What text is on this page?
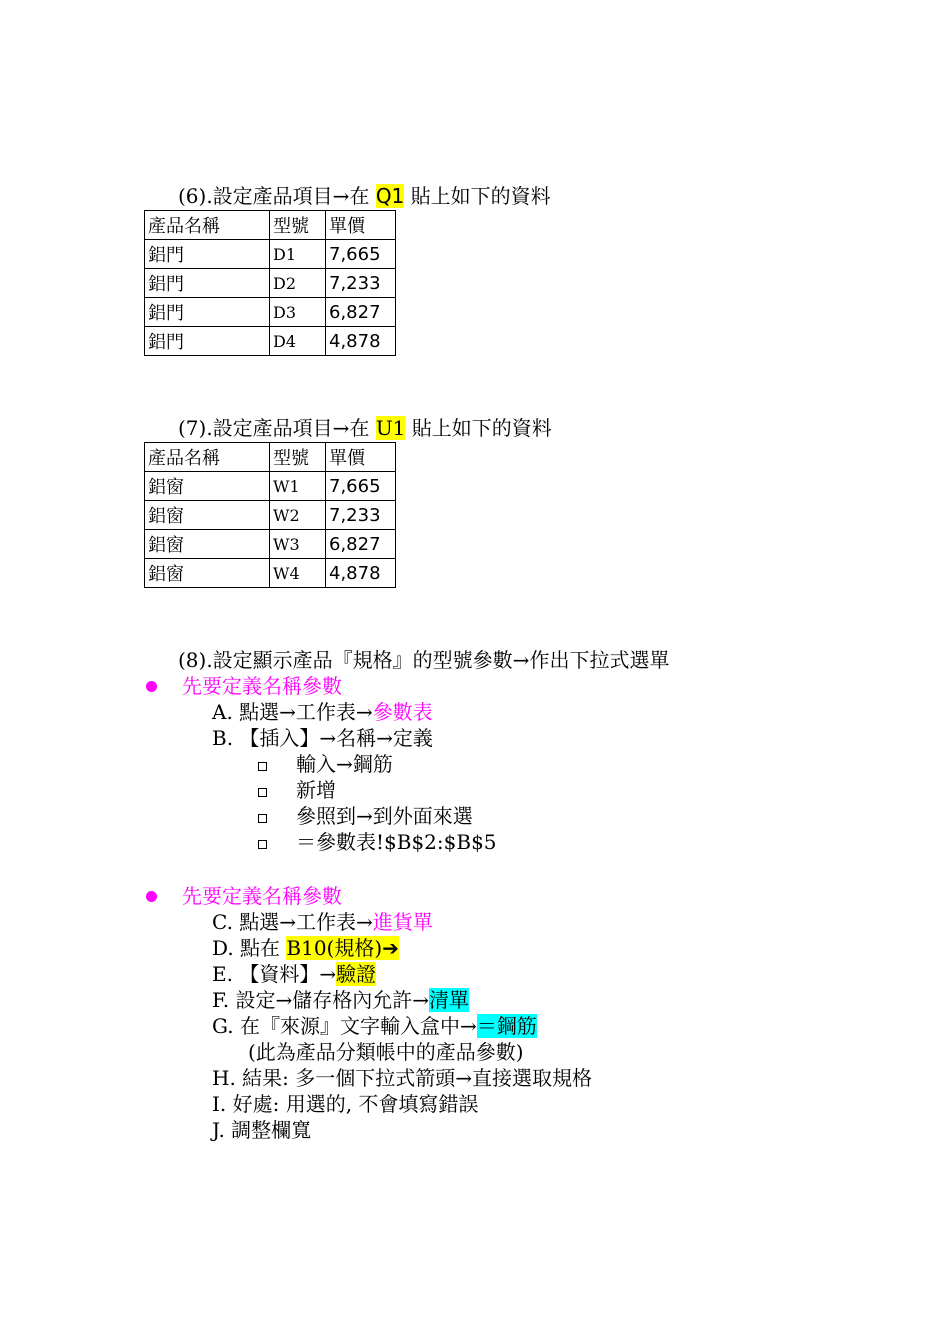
(6).設定產品項目→在 Q1 貼上如下的資料
產品名稱	型號	單價
鋁門	D1	7,665
鋁門	D2	7,233
鋁門	D3	6,827
鋁門	D4	4,878
(7).設定產品項目→在 U1 貼上如下的資料
產品名稱	型號	單價
鋁窗	W1	7,665
鋁窗	W2	7,233
鋁窗	W3	6,827
鋁窗	W4	4,878
(8).設定顯示產品『規格』的型號參數→作出下拉式選單
先要定義名稱參數
A. 點選→工作表→參數表
B. 【插入】→名稱→定義
輸入→鋼筋
新增
參照到→到外面來選
＝參數表!$B$2:$B$5
先要定義名稱參數
C. 點選→工作表→進貨單
D. 點在 B10(規格)➔
E. 【資料】→驗證
F. 設定→儲存格內允許→清單
G. 在『來源』文字輸入盒中→＝鋼筋
(此為產品分類帳中的產品參數)
H. 結果: 多一個下拉式箭頭→直接選取規格
I. 好處: 用選的, 不會填寫錯誤
J. 調整欄寬
